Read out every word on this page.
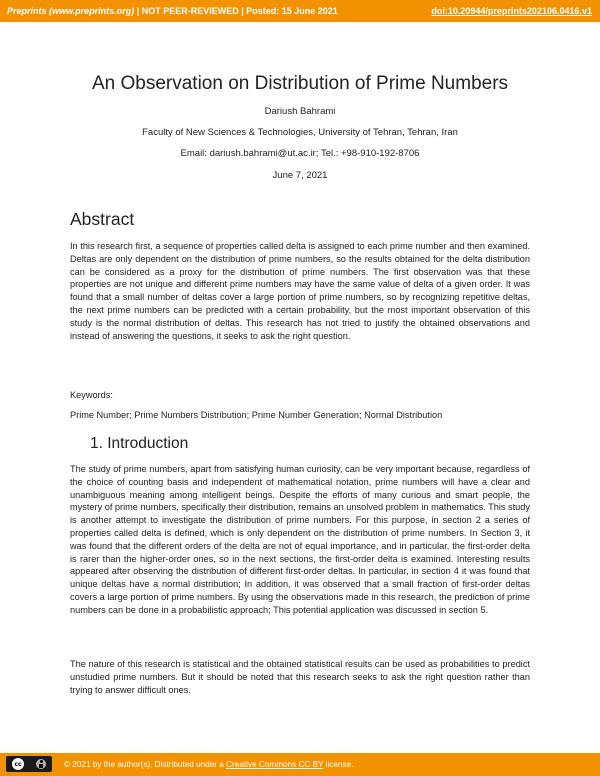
Preprints (www.preprints.org) | NOT PEER-REVIEWED | Posted: 15 June 2021	doi:10.20944/preprints202106.0416.v1
An Observation on Distribution of Prime Numbers
Dariush Bahrami
Faculty of New Sciences & Technologies, University of Tehran, Tehran, Iran
Email: dariush.bahrami@ut.ac.ir; Tel.: +98-910-192-8706
June 7, 2021
Abstract

In this research first, a sequence of properties called delta is assigned to each prime number and then examined. Deltas are only dependent on the distribution of prime numbers, so the results obtained for the delta distribution can be considered as a proxy for the distribution of prime numbers. The first observation was that these properties are not unique and different prime numbers may have the same value of delta of a given order. It was found that a small number of deltas cover a large portion of prime numbers, so by recognizing repetitive deltas, the next prime numbers can be predicted with a certain probability, but the most important observation of this study is the normal distribution of deltas. This research has not tried to justify the obtained observations and instead of answering the questions, it seeks to ask the right question.

Keywords:
Prime Number; Prime Numbers Distribution; Prime Number Generation; Normal Distribution
1. Introduction

The study of prime numbers, apart from satisfying human curiosity, can be very important because, regardless of the choice of counting basis and independent of mathematical notation, prime numbers will have a clear and unambiguous meaning among intelligent beings. Despite the efforts of many curious and smart people, the mystery of prime numbers, specifically their distribution, remains an unsolved problem in mathematics. This study is another attempt to investigate the distribution of prime numbers. For this purpose, in section 2 a series of properties called delta is defined, which is only dependent on the distribution of prime numbers. In Section 3, it was found that the different orders of the delta are not of equal importance, and in particular, the first-order delta is rarer than the higher-order ones, so in the next sections, the first-order delta is examined. Interesting results appeared after observing the distribution of different first-order deltas. In particular, in section 4 it was found that unique deltas have a normal distribution; In addition, it was observed that a small fraction of first-order deltas covers a large portion of prime numbers. By using the observations made in this research, the prediction of prime numbers can be done in a probabilistic approach; This potential application was discussed in section 5.

The nature of this research is statistical and the obtained statistical results can be used as probabilities to predict unstudied prime numbers. But it should be noted that this research seeks to ask the right question rather than trying to answer difficult ones.

cc	© 2021 by the author(s). Distributed under a Creative Commons CC BY license.
